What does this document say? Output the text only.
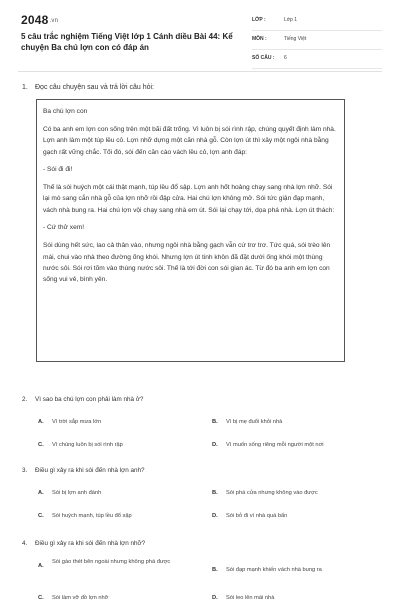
2048.vn
5 câu trắc nghiệm Tiếng Việt lớp 1 Cánh diều Bài 44: Kể chuyện Ba chú lợn con có đáp án
LỚP :	Lớp 1
MÔN :	Tiếng Việt
SỐ CÂU : 6
1. Đọc câu chuyện sau và trả lời câu hỏi:

Ba chú lợn con

Có ba anh em lợn con sống trên một bãi đất trống. Vì luôn bị sói rình rập, chúng quyết định làm nhà. Lợn anh làm một túp lều cỏ. Lợn nhỡ dựng một căn nhà gỗ. Còn lợn út thì xây một ngôi nhà bằng gạch rất vững chắc. Tối đó, sói đến căn cào vách lều cỏ, lợn anh đáp:

- Sói đi đi!

Thế là sói huých một cái thật mạnh, túp lều đổ sập. Lợn anh hốt hoảng chạy sang nhà lợn nhỡ. Sói lại mò sang cắn nhà gỗ của lợn nhỡ rồi đập cửa. Hai chú lợn không mở. Sói tức giận đạp mạnh, vách nhà bung ra. Hai chú lợn vội chạy sang nhà em út. Sói lại chạy tới, dọa phá nhà. Lợn út thách:

- Cứ thử xem!

Sói dùng hết sức, lao cả thân vào, nhưng ngôi nhà bằng gạch vẫn cứ trơ trơ. Tức quá, sói trèo lên mái, chui vào nhà theo đường ống khói. Nhưng lợn út tinh khôn đã đặt dưới ống khói một thùng nước sôi. Sói rơi tõm vào thùng nước sôi. Thế là tới đời con sói gian ác. Từ đó ba anh em lợn con sống vui vẻ, bình yên.

2. Vì sao ba chú lợn con phải làm nhà ở?
A. Vì trời sắp mưa lớn	B. Vì bị mẹ đuổi khỏi nhà
C. Vì chúng luôn bị sói rình rập	D. Vì muốn sống riêng mỗi người một nơi
3. Điều gì xảy ra khi sói đến nhà lợn anh?
A. Sói bị lợn anh đánh	B. Sói phá cửa nhưng không vào được
C. Sói huých mạnh, túp lều đổ sập	D. Sói bỏ đi vì nhà quá bẩn
4. Điều gì xảy ra khi sói đến nhà lợn nhỡ?
A.
Sói gào thét bên ngoài nhưng không phá được
B. Sói đạp mạnh khiến vách nhà bung ra
C. Sói làm vỡ đồ lợn nhỡ	D. Sói leo lên mái nhà
